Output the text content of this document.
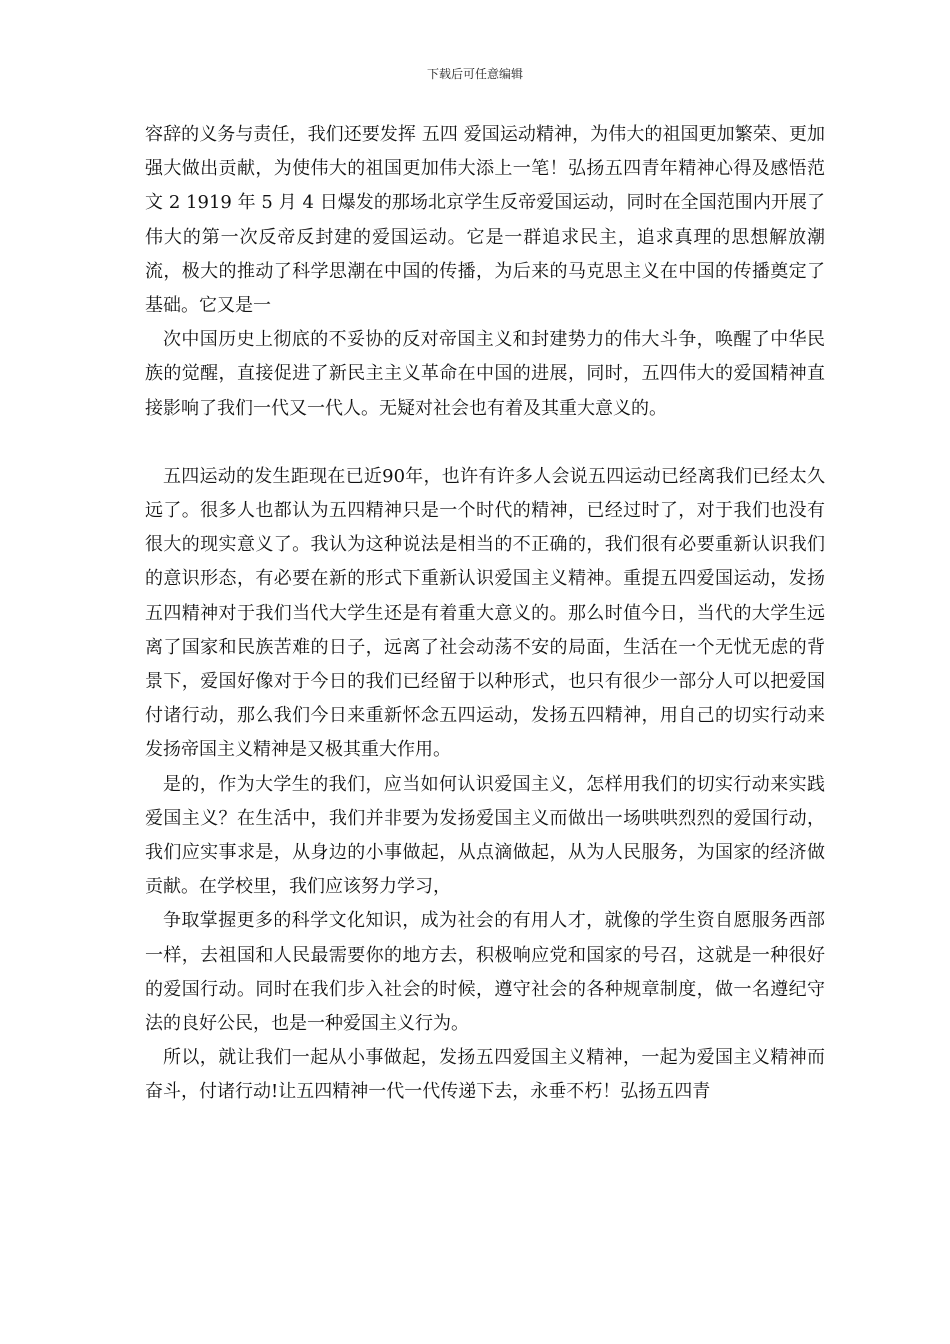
下载后可任意编辑

容辞的义务与责任，我们还要发挥 五四 爱国运动精神，为伟大的祖国更加繁荣、更加强大做出贡献，为使伟大的祖国更加伟大添上一笔！弘扬五四青年精神心得及感悟范文 2 1919 年 5 月 4 日爆发的那场北京学生反帝爱国运动，同时在全国范围内开展了伟大的第一次反帝反封建的爱国运动。它是一群追求民主，追求真理的思想解放潮流，极大的推动了科学思潮在中国的传播，为后来的马克思主义在中国的传播奠定了基础。它又是一

次中国历史上彻底的不妥协的反对帝国主义和封建势力的伟大斗争，唤醒了中华民族的觉醒，直接促进了新民主主义革命在中国的进展，同时，五四伟大的爱国精神直接影响了我们一代又一代人。无疑对社会也有着及其重大意义的。

五四运动的发生距现在已近90年，也许有许多人会说五四运动已经离我们已经太久远了。很多人也都认为五四精神只是一个时代的精神，已经过时了，对于我们也没有很大的现实意义了。我认为这种说法是相当的不正确的，我们很有必要重新认识我们的意识形态，有必要在新的形式下重新认识爱国主义精神。重提五四爱国运动，发扬五四精神对于我们当代大学生还是有着重大意义的。那么时值今日，当代的大学生远离了国家和民族苦难的日子，远离了社会动荡不安的局面，生活在一个无忧无虑的背景下，爱国好像对于今日的我们已经留于以种形式，也只有很少一部分人可以把爱国付诸行动，那么我们今日来重新怀念五四运动，发扬五四精神，用自己的切实行动来发扬帝国主义精神是又极其重大作用。

是的，作为大学生的我们，应当如何认识爱国主义，怎样用我们的切实行动来实践爱国主义？在生活中，我们并非要为发扬爱国主义而做出一场哄哄烈烈的爱国行动，我们应实事求是，从身边的小事做起，从点滴做起，从为人民服务，为国家的经济做贡献。在学校里，我们应该努力学习，

争取掌握更多的科学文化知识，成为社会的有用人才，就像的学生资自愿服务西部一样，去祖国和人民最需要你的地方去，积极响应党和国家的号召，这就是一种很好的爱国行动。同时在我们步入社会的时候，遵守社会的各种规章制度，做一名遵纪守法的良好公民，也是一种爱国主义行为。

所以，就让我们一起从小事做起，发扬五四爱国主义精神，一起为爱国主义精神而奋斗，付诸行动!让五四精神一代一代传递下去，永垂不朽！弘扬五四青
